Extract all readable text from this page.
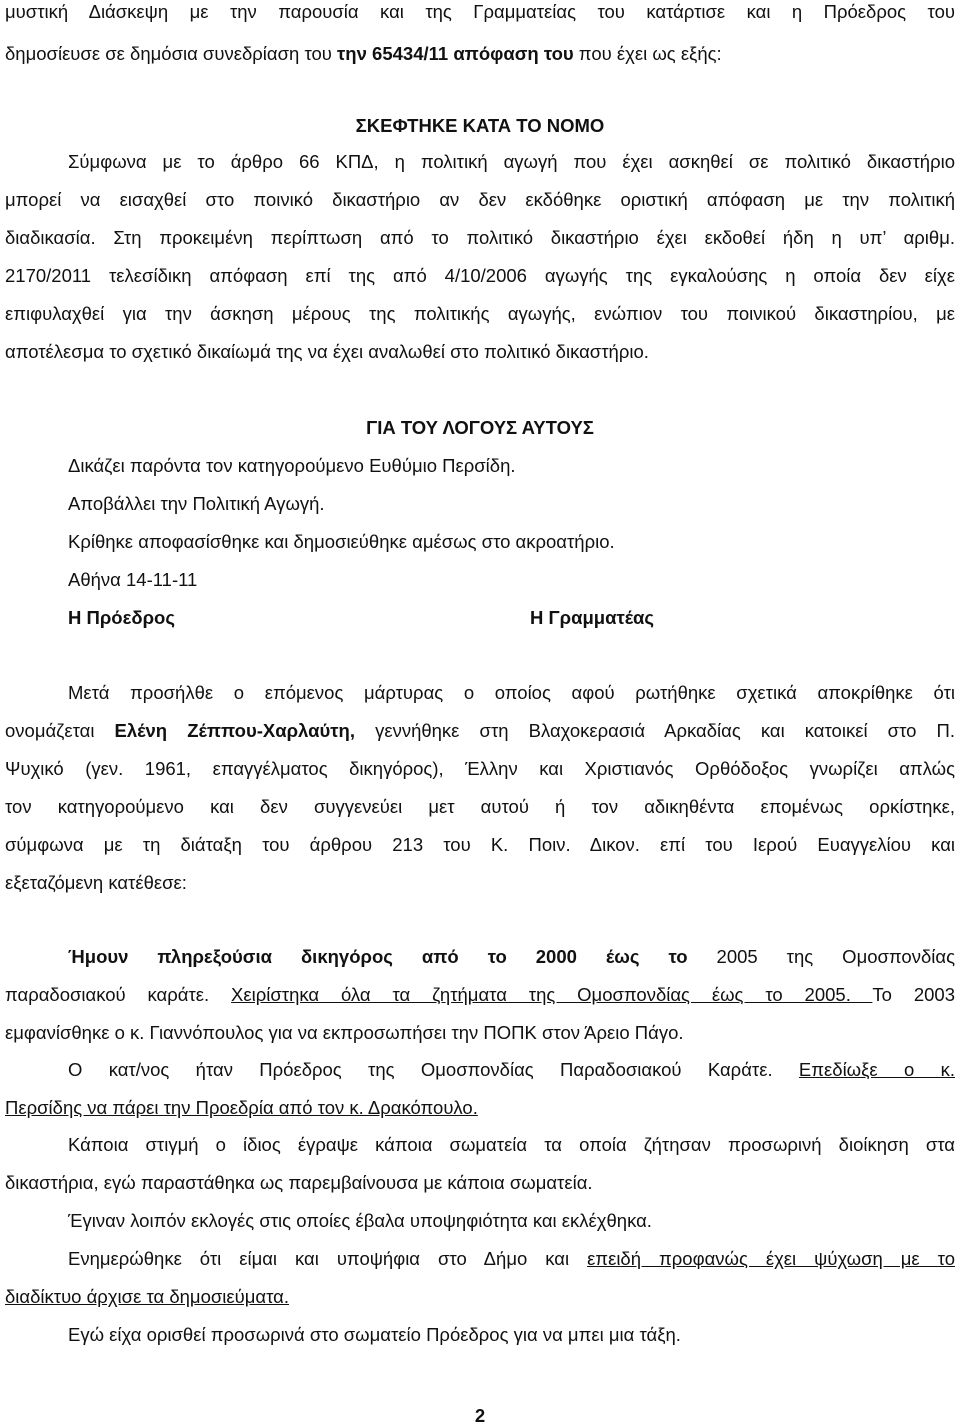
μυστική Διάσκεψη με την παρουσία και της Γραμματείας του κατάρτισε και η Πρόεδρος του
δημοσίευσε σε δημόσια συνεδρίαση του την 65434/11 απόφαση του που έχει ως εξής:
ΣΚΕΦΤΗΚΕ ΚΑΤΑ ΤΟ ΝΟΜΟ
Σύμφωνα με το άρθρο 66 ΚΠΔ, η πολιτική αγωγή που έχει ασκηθεί σε πολιτικό δικαστήριο
μπορεί να εισαχθεί στο ποινικό δικαστήριο αν δεν εκδόθηκε οριστική απόφαση με την πολιτική
διαδικασία. Στη προκειμένη περίπτωση από το πολιτικό δικαστήριο έχει εκδοθεί ήδη η υπ’ αριθμ.
2170/2011 τελεσίδικη απόφαση επί της από 4/10/2006 αγωγής της εγκαλούσης η οποία δεν είχε
επιφυλαχθεί για την άσκηση μέρους της πολιτικής αγωγής, ενώπιον του ποινικού δικαστηρίου, με
αποτέλεσμα το σχετικό δικαίωμά της να έχει αναλωθεί στο πολιτικό δικαστήριο.
ΓΙΑ ΤΟΥ ΛΟΓΟΥΣ ΑΥΤΟΥΣ
Δικάζει παρόντα τον κατηγορούμενο Ευθύμιο Περσίδη.
Αποβάλλει την Πολιτική Αγωγή.
Κρίθηκε αποφασίσθηκε και δημοσιεύθηκε αμέσως στο ακροατήριο.
Αθήνα 14-11-11
Η Πρόεδρος	Η Γραμματέας
Μετά προσήλθε ο επόμενος μάρτυρας ο οποίος αφού ρωτήθηκε σχετικά αποκρίθηκε ότι
ονομάζεται Ελένη Ζέππου-Χαρλαύτη, γεννήθηκε στη Βλαχοκερασιά Αρκαδίας και κατοικεί στο Π.
Ψυχικό (γεν. 1961, επαγγέλματος δικηγόρος), Έλλην και Χριστιανός Ορθόδοξος γνωρίζει απλώς
τον κατηγορούμενο και δεν συγγενεύει μετ αυτού ή τον αδικηθέντα επομένως ορκίστηκε,
σύμφωνα με τη διάταξη του άρθρου 213 του Κ. Ποιν. Δικον. επί του Ιερού Ευαγγελίου και
εξεταζόμενη κατέθεσε:
Ήμουν πληρεξούσια δικηγόρος από το 2000 έως το 2005 της Ομοσπονδίας
παραδοσιακού καράτε. Χειρίστηκα όλα τα ζητήματα της Ομοσπονδίας έως το 2005. Το 2003
εμφανίσθηκε ο κ. Γιαννόπουλος για να εκπροσωπήσει την ΠΟΠΚ στον Άρειο Πάγο.
Ο κατ/νος ήταν Πρόεδρος της Ομοσπονδίας Παραδοσιακού Καράτε. Επεδίωξε ο κ.
Περσίδης να πάρει την Προεδρία από τον κ. Δρακόπουλο.
Κάποια στιγμή ο ίδιος έγραψε κάποια σωματεία τα οποία ζήτησαν προσωρινή διοίκηση στα
δικαστήρια, εγώ παραστάθηκα ως παρεμβαίνουσα με κάποια σωματεία.
Έγιναν λοιπόν εκλογές στις οποίες έβαλα υποψηφιότητα και εκλέχθηκα.
Ενημερώθηκε ότι είμαι και υποψήφια στο Δήμο και επειδή προφανώς έχει ψύχωση με το
διαδίκτυο άρχισε τα δημοσιεύματα.
Εγώ είχα ορισθεί προσωρινά στο σωματείο Πρόεδρος για να μπει μια τάξη.
2
